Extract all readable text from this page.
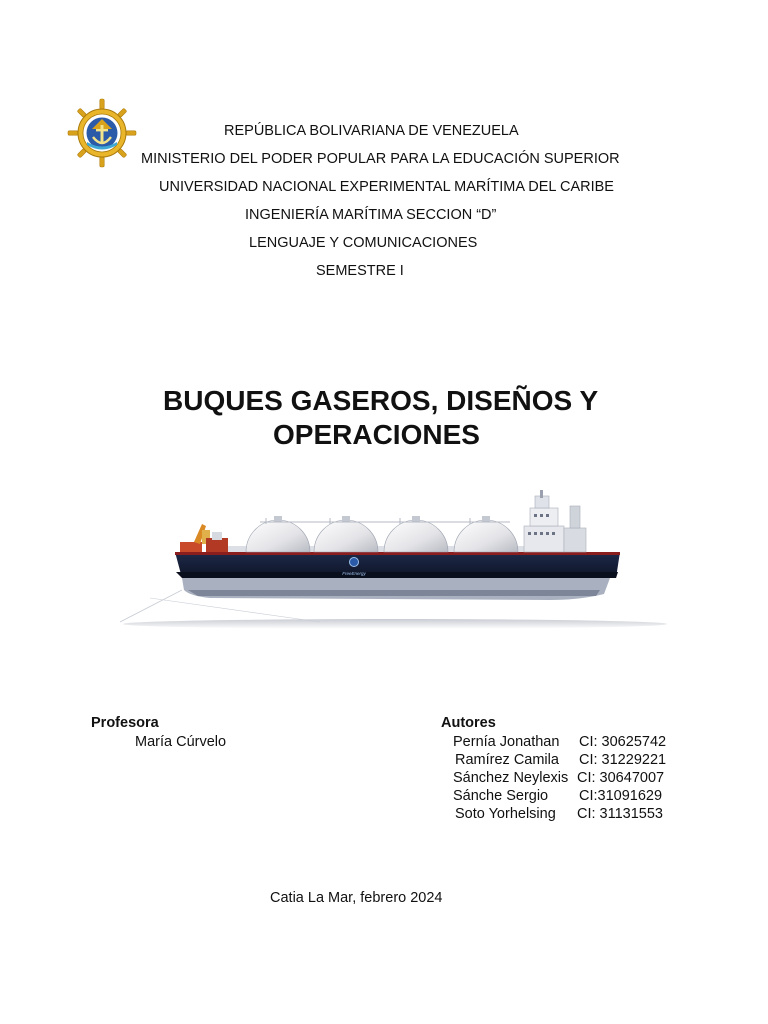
REPÚBLICA BOLIVARIANA DE VENEZUELA
MINISTERIO DEL PODER POPULAR PARA LA EDUCACIÓN SUPERIOR
UNIVERSIDAD NACIONAL EXPERIMENTAL MARÍTIMA DEL CARIBE
INGENIERÍA MARÍTIMA SECCION “D”
LENGUAJE Y COMUNICACIONES
SEMESTRE I
BUQUES GASEROS, DISEÑOS Y
OPERACIONES
FreeEnergy
Profesora
María Cúrvelo
Autores
Pernía Jonathan CI: 30625742
Ramírez Camila CI: 31229221
Sánchez Neylexis CI: 30647007
Sánche Sergio CI:31091629
Soto Yorhelsing CI: 31131553
Catia La Mar, febrero 2024
